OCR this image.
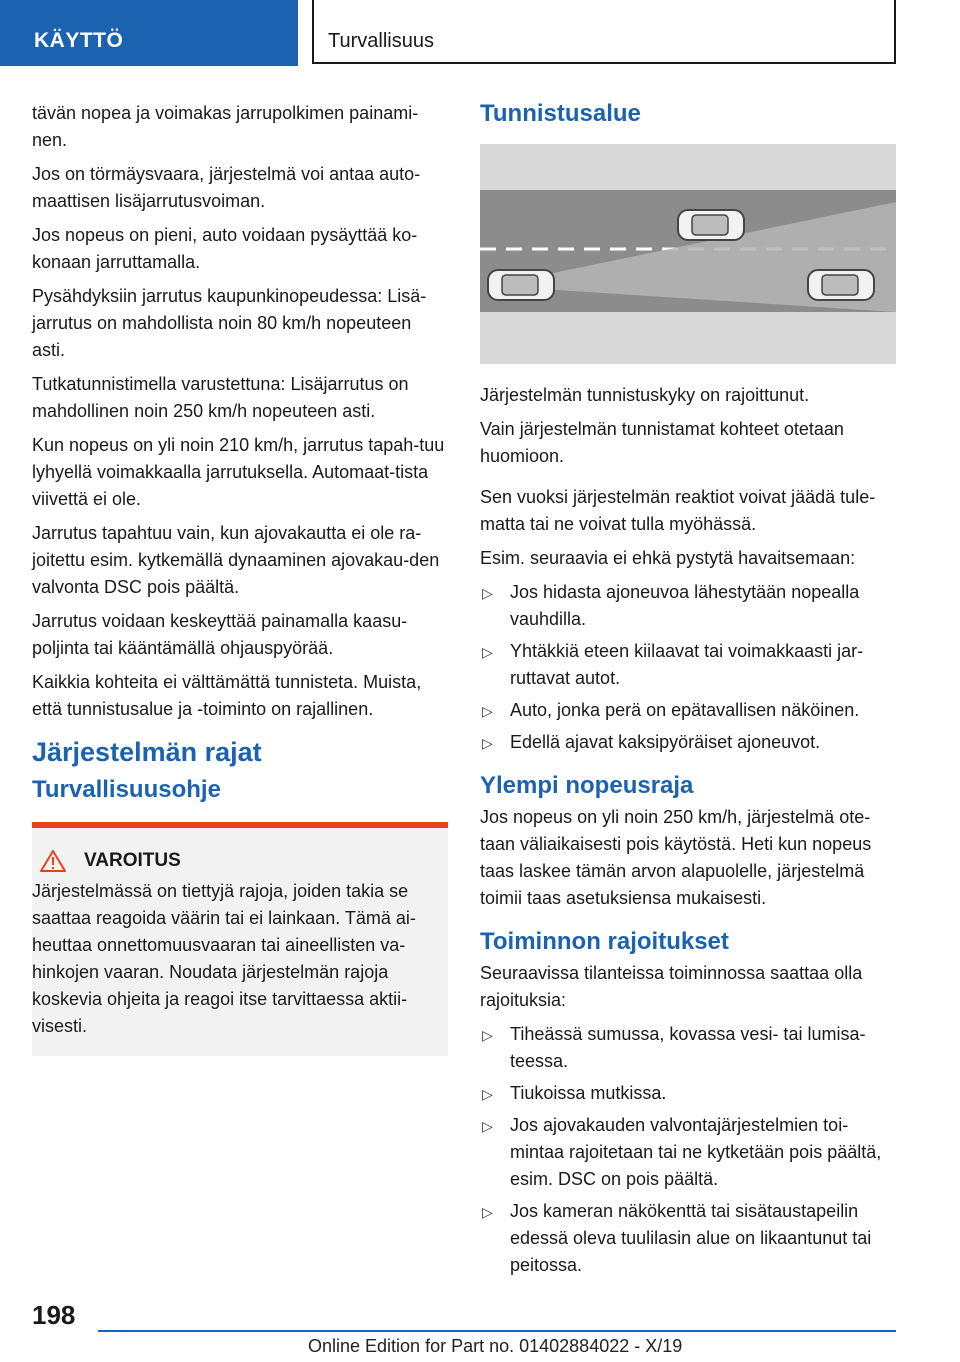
KÄYTTÖ	Turvallisuus

tävän nopea ja voimakas jarrupolkimen painami-nen.

Jos on törmäysvaara, järjestelmä voi antaa auto-maattisen lisäjarrutusvoiman.

Jos nopeus on pieni, auto voidaan pysäyttää ko-konaan jarruttamalla.

Pysähdyksiin jarrutus kaupunkinopeudessa: Lisä-jarrutus on mahdollista noin 80 km/h nopeuteen asti.

Tutkatunnistimella varustettuna: Lisäjarrutus on mahdollinen noin 250 km/h nopeuteen asti.

Kun nopeus on yli noin 210 km/h, jarrutus tapah-tuu lyhyellä voimakkaalla jarrutuksella. Automaat-tista viivettä ei ole.

Jarrutus tapahtuu vain, kun ajovakautta ei ole ra-joitettu esim. kytkemällä dynaaminen ajovakau-den valvonta DSC pois päältä.

Jarrutus voidaan keskeyttää painamalla kaasu-poljinta tai kääntämällä ohjauspyörää.

Kaikkia kohteita ei välttämättä tunnisteta. Muista, että tunnistusalue ja -toiminto on rajallinen.

Järjestelmän rajat
Turvallisuusohje
VAROITUS

Järjestelmässä on tiettyjä rajoja, joiden takia se saattaa reagoida väärin tai ei lainkaan. Tämä ai-heuttaa onnettomuusvaaran tai aineellisten va-hinkojen vaaran. Noudata järjestelmän rajoja koskevia ohjeita ja reagoi itse tarvittaessa aktii-visesti.

Tunnistusalue

Järjestelmän tunnistuskyky on rajoittunut.

Vain järjestelmän tunnistamat kohteet otetaan huomioon.

Sen vuoksi järjestelmän reaktiot voivat jäädä tule-matta tai ne voivat tulla myöhässä.

Esim. seuraavia ei ehkä pystytä havaitsemaan:

▷ Jos hidasta ajoneuvoa lähestytään nopealla vauhdilla.
▷ Yhtäkkiä eteen kiilaavat tai voimakkaasti jar-ruttavat autot.
▷ Auto, jonka perä on epätavallisen näköinen.
▷ Edellä ajavat kaksipyöräiset ajoneuvot.
Ylempi nopeusraja

Jos nopeus on yli noin 250 km/h, järjestelmä ote-taan väliaikaisesti pois käytöstä. Heti kun nopeus taas laskee tämän arvon alapuolelle, järjestelmä toimii taas asetuksiensa mukaisesti.

Toiminnon rajoitukset

Seuraavissa tilanteissa toiminnossa saattaa olla rajoituksia:

▷ Tiheässä sumussa, kovassa vesi- tai lumisa-teessa.
▷ Tiukoissa mutkissa.
▷ Jos ajovakauden valvontajärjestelmien toi-mintaa rajoitetaan tai ne kytketään pois päältä, esim. DSC on pois päältä.
▷ Jos kameran näkökenttä tai sisätaustapeilin edessä oleva tuulilasin alue on likaantunut tai peitossa.
198
Online Edition for Part no. 01402884022 - X/19
